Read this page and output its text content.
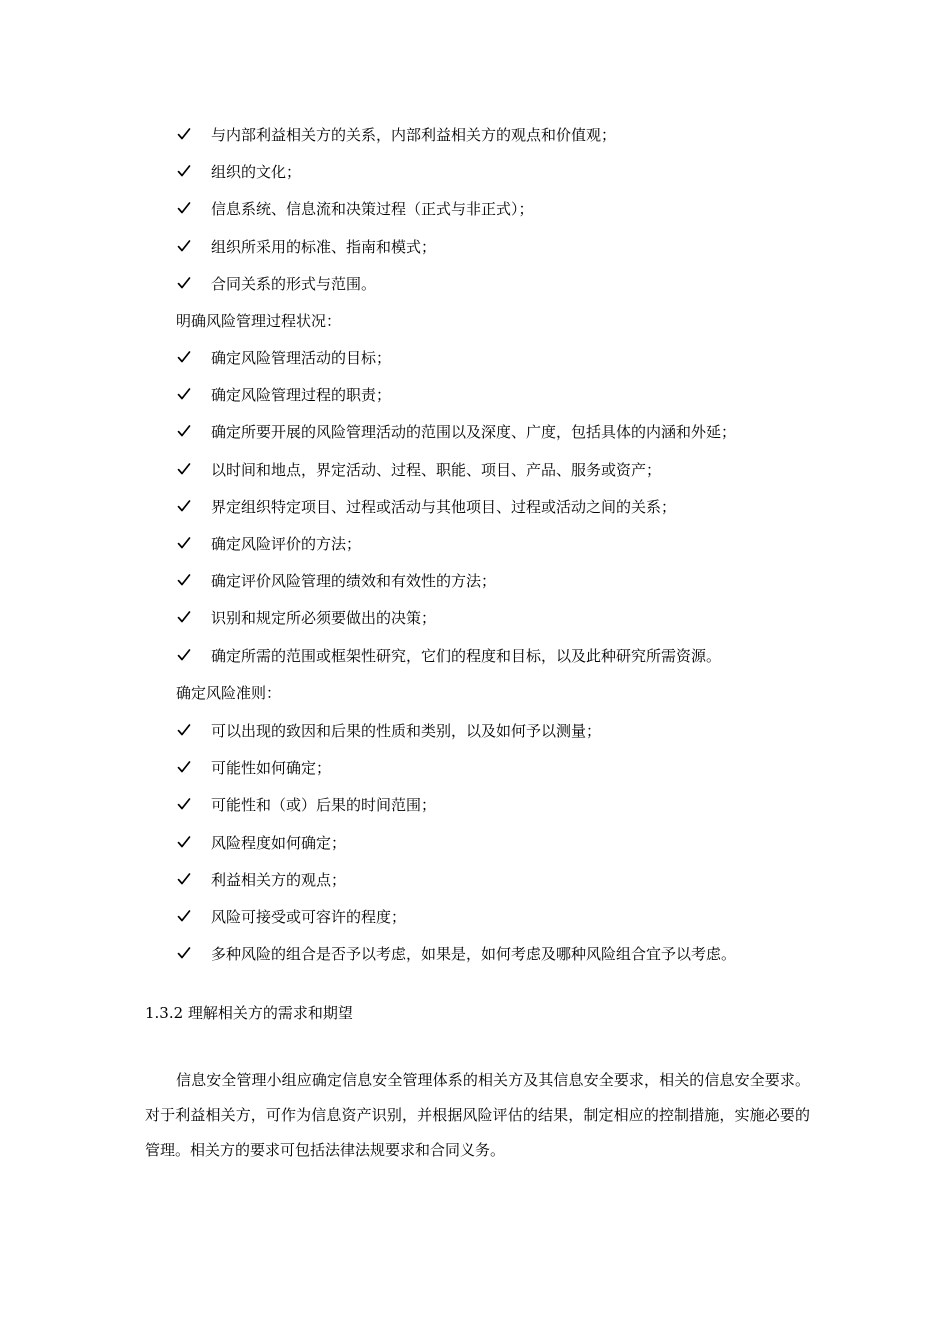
与内部利益相关方的关系，内部利益相关方的观点和价值观；
组织的文化；
信息系统、信息流和决策过程（正式与非正式）；
组织所采用的标准、指南和模式；
合同关系的形式与范围。
明确风险管理过程状况：
确定风险管理活动的目标；
确定风险管理过程的职责；
确定所要开展的风险管理活动的范围以及深度、广度，包括具体的内涵和外延；
以时间和地点，界定活动、过程、职能、项目、产品、服务或资产；
界定组织特定项目、过程或活动与其他项目、过程或活动之间的关系；
确定风险评价的方法；
确定评价风险管理的绩效和有效性的方法；
识别和规定所必须要做出的决策；
确定所需的范围或框架性研究，它们的程度和目标，以及此种研究所需资源。
确定风险准则：
可以出现的致因和后果的性质和类别，以及如何予以测量；
可能性如何确定；
可能性和（或）后果的时间范围；
风险程度如何确定；
利益相关方的观点；
风险可接受或可容许的程度；
多种风险的组合是否予以考虑，如果是，如何考虑及哪种风险组合宜予以考虑。
1.3.2 理解相关方的需求和期望

信息安全管理小组应确定信息安全管理体系的相关方及其信息安全要求，相关的信息安全要求。对于利益相关方，可作为信息资产识别，并根据风险评估的结果，制定相应的控制措施，实施必要的管理。相关方的要求可包括法律法规要求和合同义务。
